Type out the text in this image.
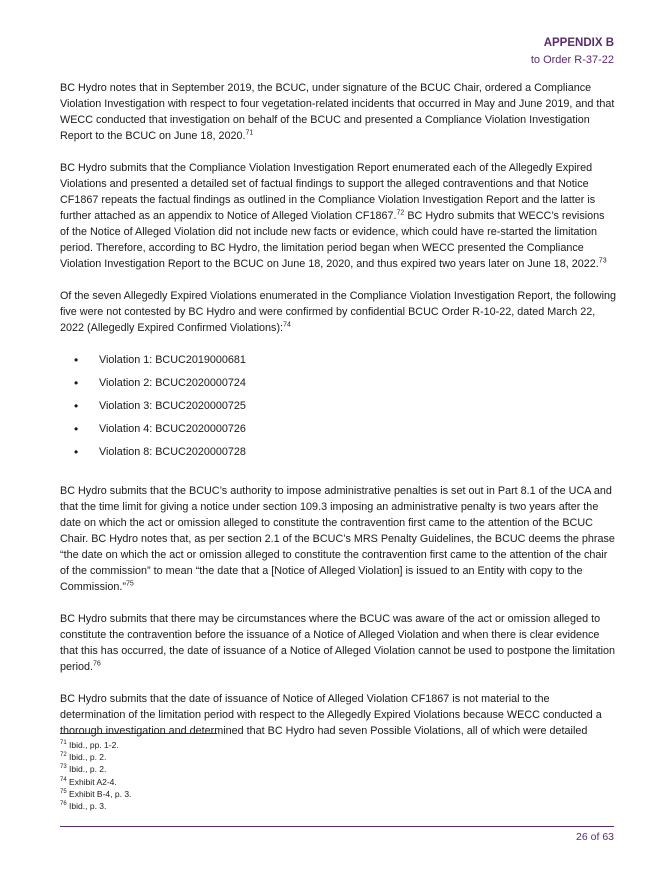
APPENDIX B
to Order R-37-22

BC Hydro notes that in September 2019, the BCUC, under signature of the BCUC Chair, ordered a Compliance Violation Investigation with respect to four vegetation-related incidents that occurred in May and June 2019, and that WECC conducted that investigation on behalf of the BCUC and presented a Compliance Violation Investigation Report to the BCUC on June 18, 2020.71

BC Hydro submits that the Compliance Violation Investigation Report enumerated each of the Allegedly Expired Violations and presented a detailed set of factual findings to support the alleged contraventions and that Notice CF1867 repeats the factual findings as outlined in the Compliance Violation Investigation Report and the latter is further attached as an appendix to Notice of Alleged Violation CF1867.72 BC Hydro submits that WECC’s revisions of the Notice of Alleged Violation did not include new facts or evidence, which could have re-started the limitation period. Therefore, according to BC Hydro, the limitation period began when WECC presented the Compliance Violation Investigation Report to the BCUC on June 18, 2020, and thus expired two years later on June 18, 2022.73

Of the seven Allegedly Expired Violations enumerated in the Compliance Violation Investigation Report, the following five were not contested by BC Hydro and were confirmed by confidential BCUC Order R-10-22, dated March 22, 2022 (Allegedly Expired Confirmed Violations):$^{74}$

• Violation 1: BCUC2019000681
• Violation 2: BCUC2020000724
• Violation 3: BCUC2020000725
• Violation 4: BCUC2020000726
• Violation 8: BCUC2020000728

BC Hydro submits that the BCUC’s authority to impose administrative penalties is set out in Part 8.1 of the UCA and that the time limit for giving a notice under section 109.3 imposing an administrative penalty is two years after the date on which the act or omission alleged to constitute the contravention first came to the attention of the BCUC Chair. BC Hydro notes that, as per section 2.1 of the BCUC’s MRS Penalty Guidelines, the BCUC deems the phrase “the date on which the act or omission alleged to constitute the contravention first came to the attention of the chair of the commission” to mean “the date that a [Notice of Alleged Violation] is issued to an Entity with copy to the Commission.”$^{75}$

BC Hydro submits that there may be circumstances where the BCUC was aware of the act or omission alleged to constitute the contravention before the issuance of a Notice of Alleged Violation and when there is clear evidence that this has occurred, the date of issuance of a Notice of Alleged Violation cannot be used to postpone the limitation period.$^{76}$

BC Hydro submits that the date of issuance of Notice of Alleged Violation CF1867 is not material to the determination of the limitation period with respect to the Allegedly Expired Violations because WECC conducted a thorough investigation and determined that BC Hydro had seven Possible Violations, all of which were detailed

$^{71}$ Ibid., pp. 1-2.
$^{72}$ Ibid., p. 2.
$^{73}$ Ibid., p. 2.
$^{74}$ Exhibit A2-4.
$^{75}$ Exhibit B-4, p. 3.
$^{76}$ Ibid., p. 3.
26 of 63
